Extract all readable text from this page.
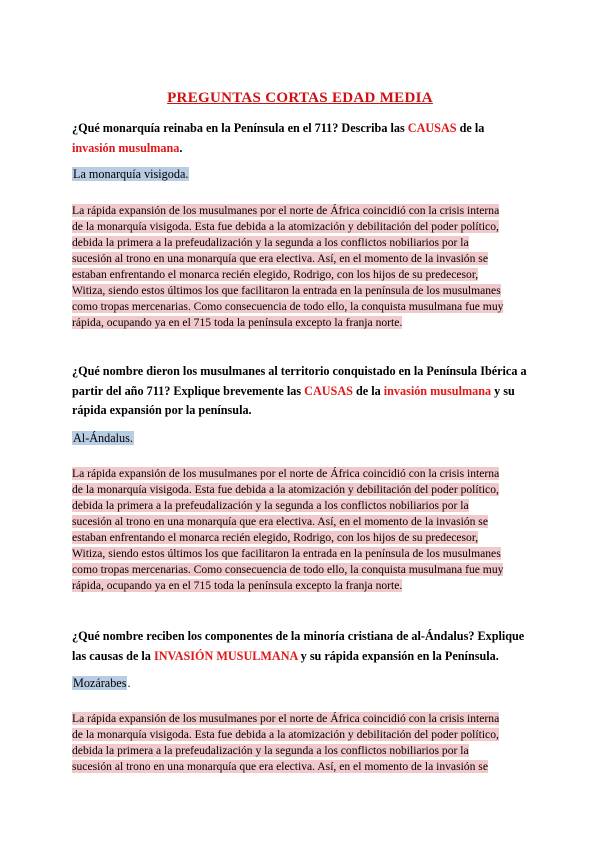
PREGUNTAS CORTAS EDAD MEDIA
¿Qué monarquía reinaba en la Península en el 711? Describa las CAUSAS de la
invasión musulmana.
La monarquía visigoda.
La rápida expansión de los musulmanes por el norte de África coincidió con la crisis interna
de la monarquía visigoda. Esta fue debida a la atomización y debilitación del poder político,
debida la primera a la prefeudalización y la segunda a los conflictos nobiliarios por la
sucesión al trono en una monarquía que era electiva. Así, en el momento de la invasión se
estaban enfrentando el monarca recién elegido, Rodrigo, con los hijos de su predecesor,
Witiza, siendo estos últimos los que facilitaron la entrada en la península de los musulmanes
como tropas mercenarias. Como consecuencia de todo ello, la conquista musulmana fue muy
rápida, ocupando ya en el 715 toda la península excepto la franja norte.
¿Qué nombre dieron los musulmanes al territorio conquistado en la Península Ibérica a partir del año 711? Explique brevemente las CAUSAS de la invasión musulmana y su rápida expansión por la península.
Al-Ándalus.
La rápida expansión de los musulmanes por el norte de África coincidió con la crisis interna
de la monarquía visigoda. Esta fue debida a la atomización y debilitación del poder político,
debida la primera a la prefeudalización y la segunda a los conflictos nobiliarios por la
sucesión al trono en una monarquía que era electiva. Así, en el momento de la invasión se
estaban enfrentando el monarca recién elegido, Rodrigo, con los hijos de su predecesor,
Witiza, siendo estos últimos los que facilitaron la entrada en la península de los musulmanes
como tropas mercenarias. Como consecuencia de todo ello, la conquista musulmana fue muy
rápida, ocupando ya en el 715 toda la península excepto la franja norte.
¿Qué nombre reciben los componentes de la minoría cristiana de al-Ándalus? Explique las causas de la INVASIÓN MUSULMANA y su rápida expansión en la Península.
Mozárabes.
La rápida expansión de los musulmanes por el norte de África coincidió con la crisis interna
de la monarquía visigoda. Esta fue debida a la atomización y debilitación del poder político,
debida la primera a la prefeudalización y la segunda a los conflictos nobiliarios por la
sucesión al trono en una monarquía que era electiva. Así, en el momento de la invasión se
